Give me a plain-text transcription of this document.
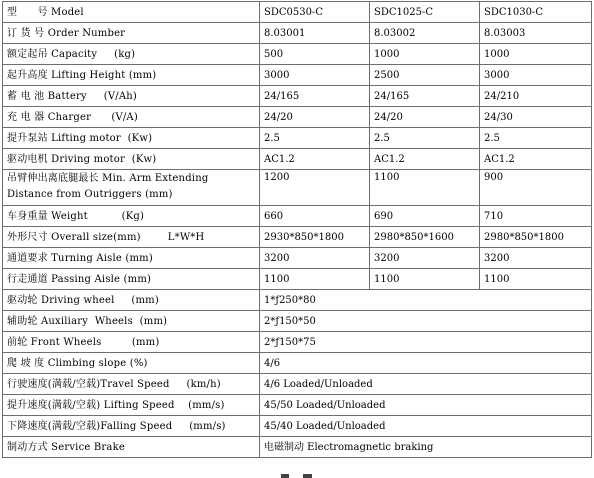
型      号 Model	SDC0530-C	SDC1025-C	SDC1030-C
订 货 号 Order Number	8.03001	8.03002	8.03003
额定起吊 Capacity     (kg)	500	1000	1000
起升高度 Lifting Height (mm)	3000	2500	3000
蓄 电 池 Battery     (V/Ah)	24/165	24/165	24/210
充 电 器 Charger      (V/A)	24/20	24/20	24/30
提升泵站 Lifting motor  (Kw)	2.5	2.5	2.5
驱动电机 Driving motor  (Kw)	AC1.2	AC1.2	AC1.2
吊臂伸出离底腿最长 Min. Arm Extending Distance from Outriggers (mm)	1200	1100	900
车身重量 Weight          (Kg)	660	690	710
外形尺寸 Overall size(mm)        L*W*H	2930*850*1800	2980*850*1600	2980*850*1800
通道要求 Turning Aisle (mm)	3200	3200	3200
行走通道 Passing Aisle (mm)	1100	1100	1100
驱动轮 Driving wheel     (mm)	1*ƒ250*80		
辅助轮 Auxiliary  Wheels  (mm)	2*ƒ150*50		
前轮 Front Wheels         (mm)	2*ƒ150*75		
爬 坡 度 Climbing slope (%)	4/6		
行驶速度(满载/空载)Travel Speed     (km/h)	4/6 Loaded/Unloaded		
提升速度(满载/空载) Lifting Speed    (mm/s)	45/50 Loaded/Unloaded		
下降速度(满载/空载)Falling Speed     (mm/s)	45/40 Loaded/Unloaded		
制动方式 Service Brake	电磁制动 Electromagnetic braking		
